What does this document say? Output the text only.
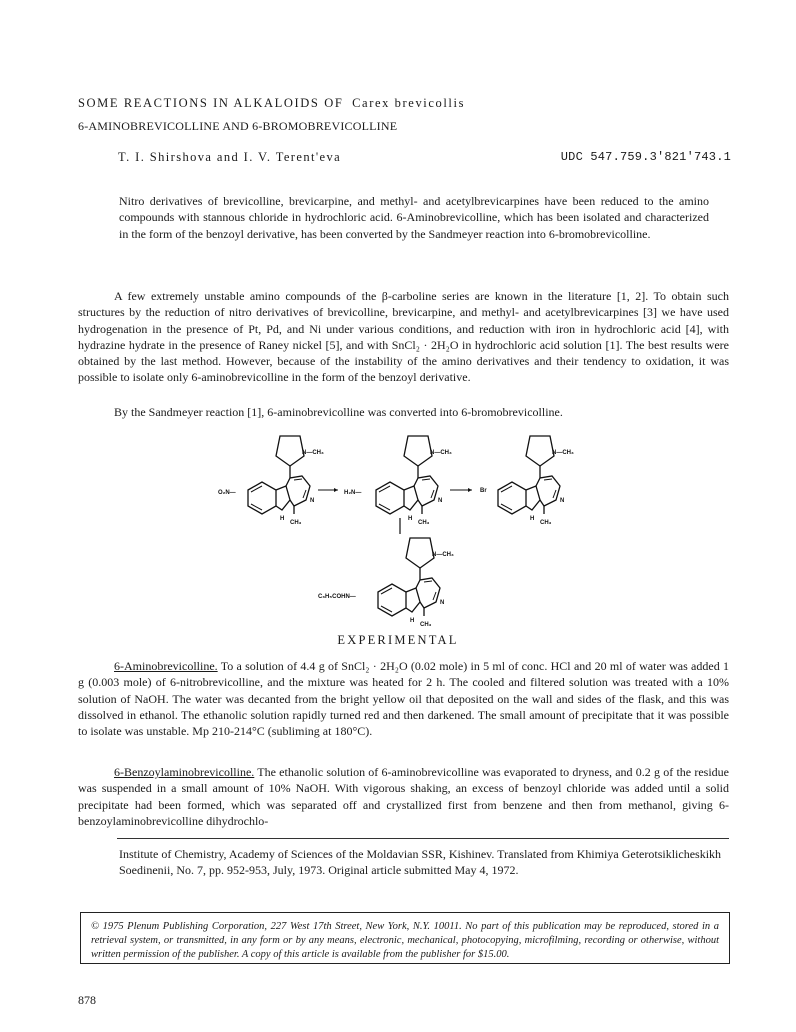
SOME REACTIONS IN ALKALOIDS OF Carex brevicollis
6-AMINOBREVICOLLINE AND 6-BROMOBREVICOLLINE
T. I. Shirshova and I. V. Terent'eva	UDC 547.759.3'821'743.1

Nitro derivatives of brevicolline, brevicarpine, and methyl- and acetylbrevicarpines have been reduced to the amino compounds with stannous chloride in hydrochloric acid. 6-Aminobrevicolline, which has been isolated and characterized in the form of the benzoyl derivative, has been converted by the Sandmeyer reaction into 6-bromobrevicolline.

A few extremely unstable amino compounds of the β-carboline series are known in the literature [1, 2]. To obtain such structures by the reduction of nitro derivatives of brevicolline, brevicarpine, and methyl- and acetylbrevicarpines [3] we have used hydrogenation in the presence of Pt, Pd, and Ni under various conditions, and reduction with iron in hydrochloric acid [4], with hydrazine hydrate in the presence of Raney nickel [5], and with SnCl₂ · 2H₂O in hydrochloric acid solution [1]. The best results were obtained by the last method. However, because of the instability of the amino derivatives and their tendency to oxidation, it was possible to isolate only 6-aminobrevicolline in the form of the benzoyl derivative.

By the Sandmeyer reaction [1], 6-aminobrevicolline was converted into 6-bromobrevicolline.

N—CH₃
O₂N—
N
H
CH₃
N—CH₃
H₂N—
N
H
CH₃
N—CH₃
Br
N
H
CH₃
N—CH₃
C₆H₅COHN—
N
H
CH₃
EXPERIMENTAL

6-Aminobrevicolline. To a solution of 4.4 g of SnCl₂ · 2H₂O (0.02 mole) in 5 ml of conc. HCl and 20 ml of water was added 1 g (0.003 mole) of 6-nitrobrevicolline, and the mixture was heated for 2 h. The cooled and filtered solution was treated with a 10% solution of NaOH. The water was decanted from the bright yellow oil that deposited on the wall and sides of the flask, and this was dissolved in ethanol. The ethanolic solution rapidly turned red and then darkened. The small amount of precipitate that it was possible to isolate was unstable. Mp 210-214°C (subliming at 180°C).

6-Benzoylaminobrevicolline. The ethanolic solution of 6-aminobrevicolline was evaporated to dryness, and 0.2 g of the residue was suspended in a small amount of 10% NaOH. With vigorous shaking, an excess of benzoyl chloride was added until a solid precipitate had been formed, which was separated off and crystallized first from benzene and then from methanol, giving 6-benzoylaminobrevicolline dihydrochlo-

Institute of Chemistry, Academy of Sciences of the Moldavian SSR, Kishinev. Translated from Khimiya Geterotsiklicheskikh Soedinenii, No. 7, pp. 952-953, July, 1973. Original article submitted May 4, 1972.

© 1975 Plenum Publishing Corporation, 227 West 17th Street, New York, N.Y. 10011. No part of this publication may be reproduced, stored in a retrieval system, or transmitted, in any form or by any means, electronic, mechanical, photocopying, microfilming, recording or otherwise, without written permission of the publisher. A copy of this article is available from the publisher for $15.00.

878
